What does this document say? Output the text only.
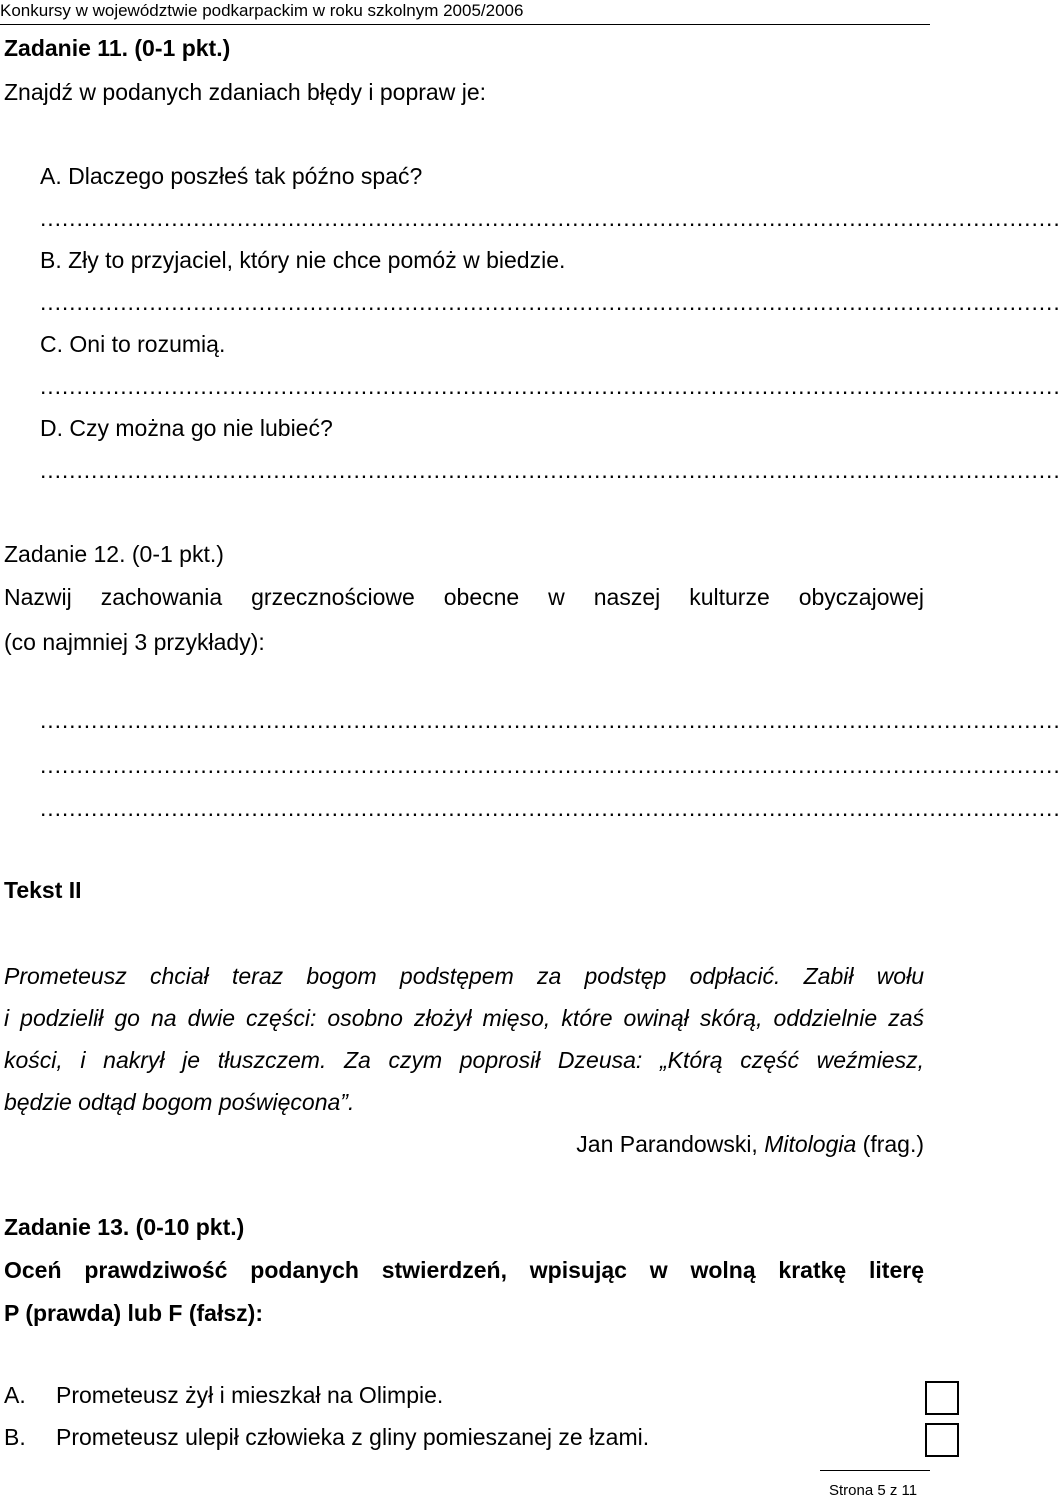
Konkursy w województwie podkarpackim w roku szkolnym 2005/2006
Zadanie 11. (0-1 pkt.)
Znajdź w podanych zdaniach błędy i popraw je:
A. Dlaczego poszłeś tak późno spać?
............................................................................................................................................
B. Zły to przyjaciel, który nie chce pomóż w biedzie.
............................................................................................................................................
C. Oni to rozumią.
............................................................................................................................................
D. Czy można go nie lubieć?
............................................................................................................................................
Zadanie 12. (0-1 pkt.)
Nazwij zachowania grzecznościowe obecne w naszej kulturze obyczajowej
(co najmniej 3 przykłady):
............................................................................................................................................
............................................................................................................................................
............................................................................................................................................
Tekst II
Prometeusz chciał teraz bogom podstępem za podstęp odpłacić. Zabił wołu
i podzielił go na dwie części: osobno złożył mięso, które owinął skórą, oddzielnie zaś
kości, i nakrył je tłuszczem. Za czym poprosił Dzeusa: „Którą część weźmiesz,
będzie odtąd bogom poświęcona”.
Jan Parandowski, Mitologia (frag.)
Zadanie 13. (0-10 pkt.)
Oceń prawdziwość podanych stwierdzeń, wpisując w wolną kratkę literę
P (prawda) lub F (fałsz):
A. Prometeusz żył i mieszkał na Olimpie.
B. Prometeusz ulepił człowieka z gliny pomieszanej ze łzami.
Strona 5 z 11
